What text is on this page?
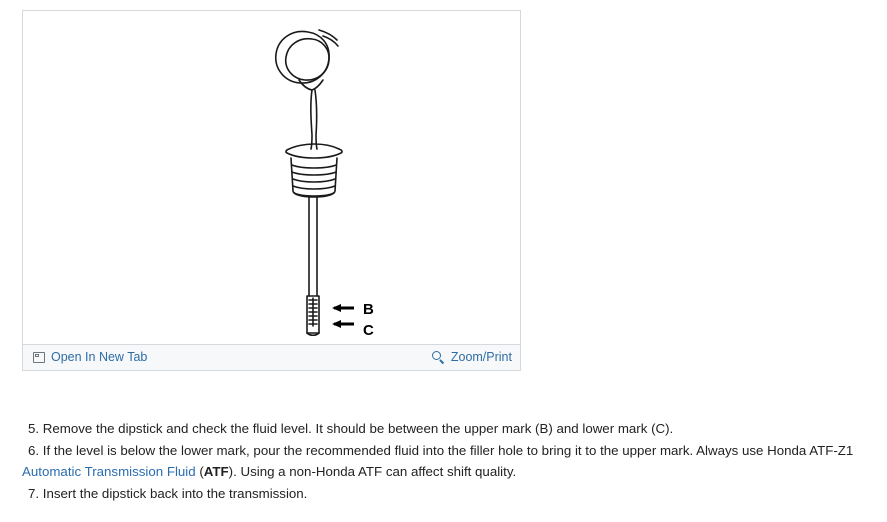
B
C
Open In New Tab	Zoom/Print

5. Remove the dipstick and check the fluid level. It should be between the upper mark (B) and lower mark (C).

6. If the level is below the lower mark, pour the recommended fluid into the filler hole to bring it to the upper mark. Always use Honda ATF-Z1 Automatic Transmission Fluid (ATF). Using a non-Honda ATF can affect shift quality.

7. Insert the dipstick back into the transmission.
